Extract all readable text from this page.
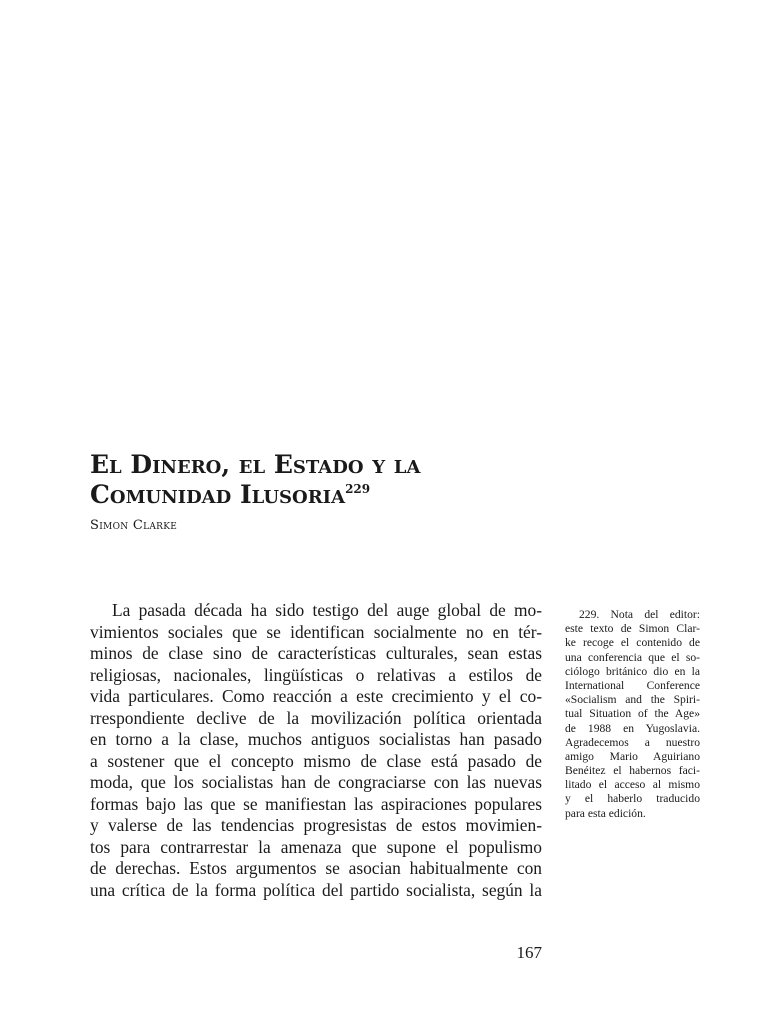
El Dinero, el Estado y la
Comunidad Ilusoria$^{229}$

Simon Clarke

La pasada década ha sido testigo del auge global de mo-
vimientos sociales que se identifican socialmente no en tér-
minos de clase sino de características culturales, sean estas
religiosas, nacionales, lingüísticas o relativas a estilos de
vida particulares. Como reacción a este crecimiento y el co-
rrespondiente declive de la movilización política orientada
en torno a la clase, muchos antiguos socialistas han pasado
a sostener que el concepto mismo de clase está pasado de
moda, que los socialistas han de congraciarse con las nuevas
formas bajo las que se manifiestan las aspiraciones populares
y valerse de las tendencias progresistas de estos movimien-
tos para contrarrestar la amenaza que supone el populismo
de derechas. Estos argumentos se asocian habitualmente con
una crítica de la forma política del partido socialista, según la
229. Nota del editor:
este texto de Simon Clar-
ke recoge el contenido de
una conferencia que el so-
ciólogo británico dio en la
International Conference
«Socialism and the Spiri-
tual Situation of the Age»
de 1988 en Yugoslavia.
Agradecemos a nuestro
amigo Mario Aguiriano
Benéitez el habernos faci-
litado el acceso al mismo
y el haberlo traducido
para esta edición.

167
